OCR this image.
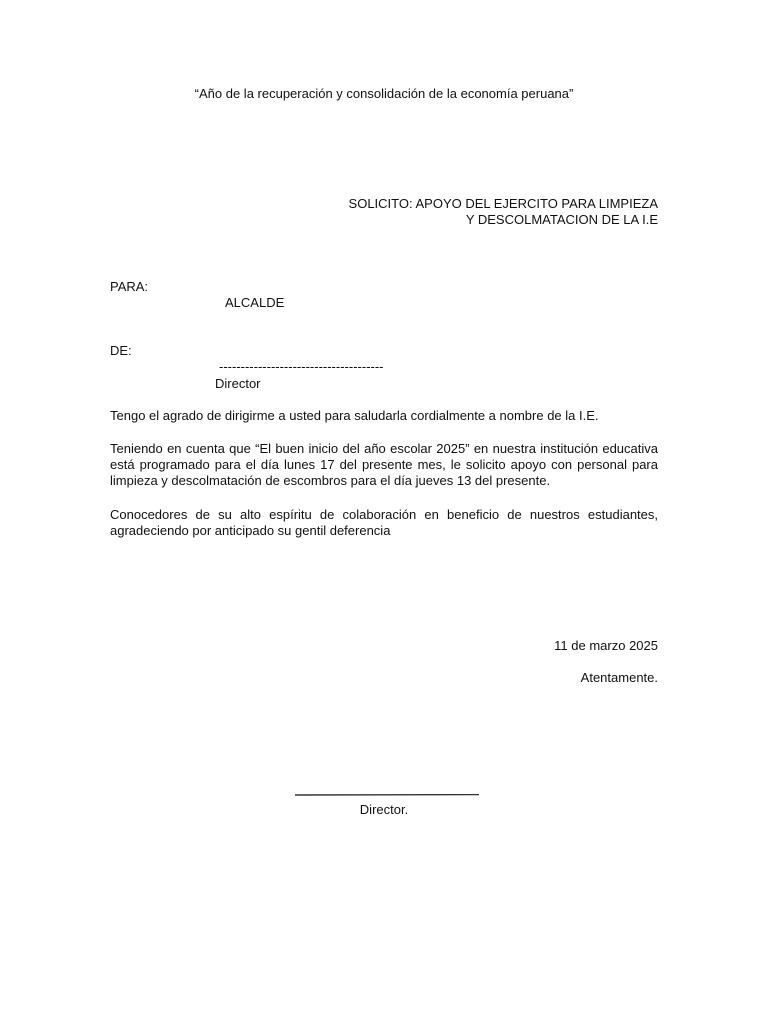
“Año de la recuperación y consolidación de la economía peruana”
SOLICITO: APOYO DEL EJERCITO PARA LIMPIEZA
Y DESCOLMATACION DE LA I.E
PARA:
ALCALDE
DE:
--------------------------------------
Director

Tengo el agrado de dirigirme a usted para saludarla cordialmente a nombre de la I.E.

Teniendo en cuenta que “El buen inicio del año escolar 2025” en nuestra institución educativa está programado para el día lunes 17 del presente mes, le solicito apoyo con personal para limpieza y descolmatación de escombros para el día jueves 13 del presente.

Conocedores de su alto espíritu de colaboración en beneficio de nuestros estudiantes, agradeciendo por anticipado su gentil deferencia

11 de marzo 2025
Atentamente.
Director.
